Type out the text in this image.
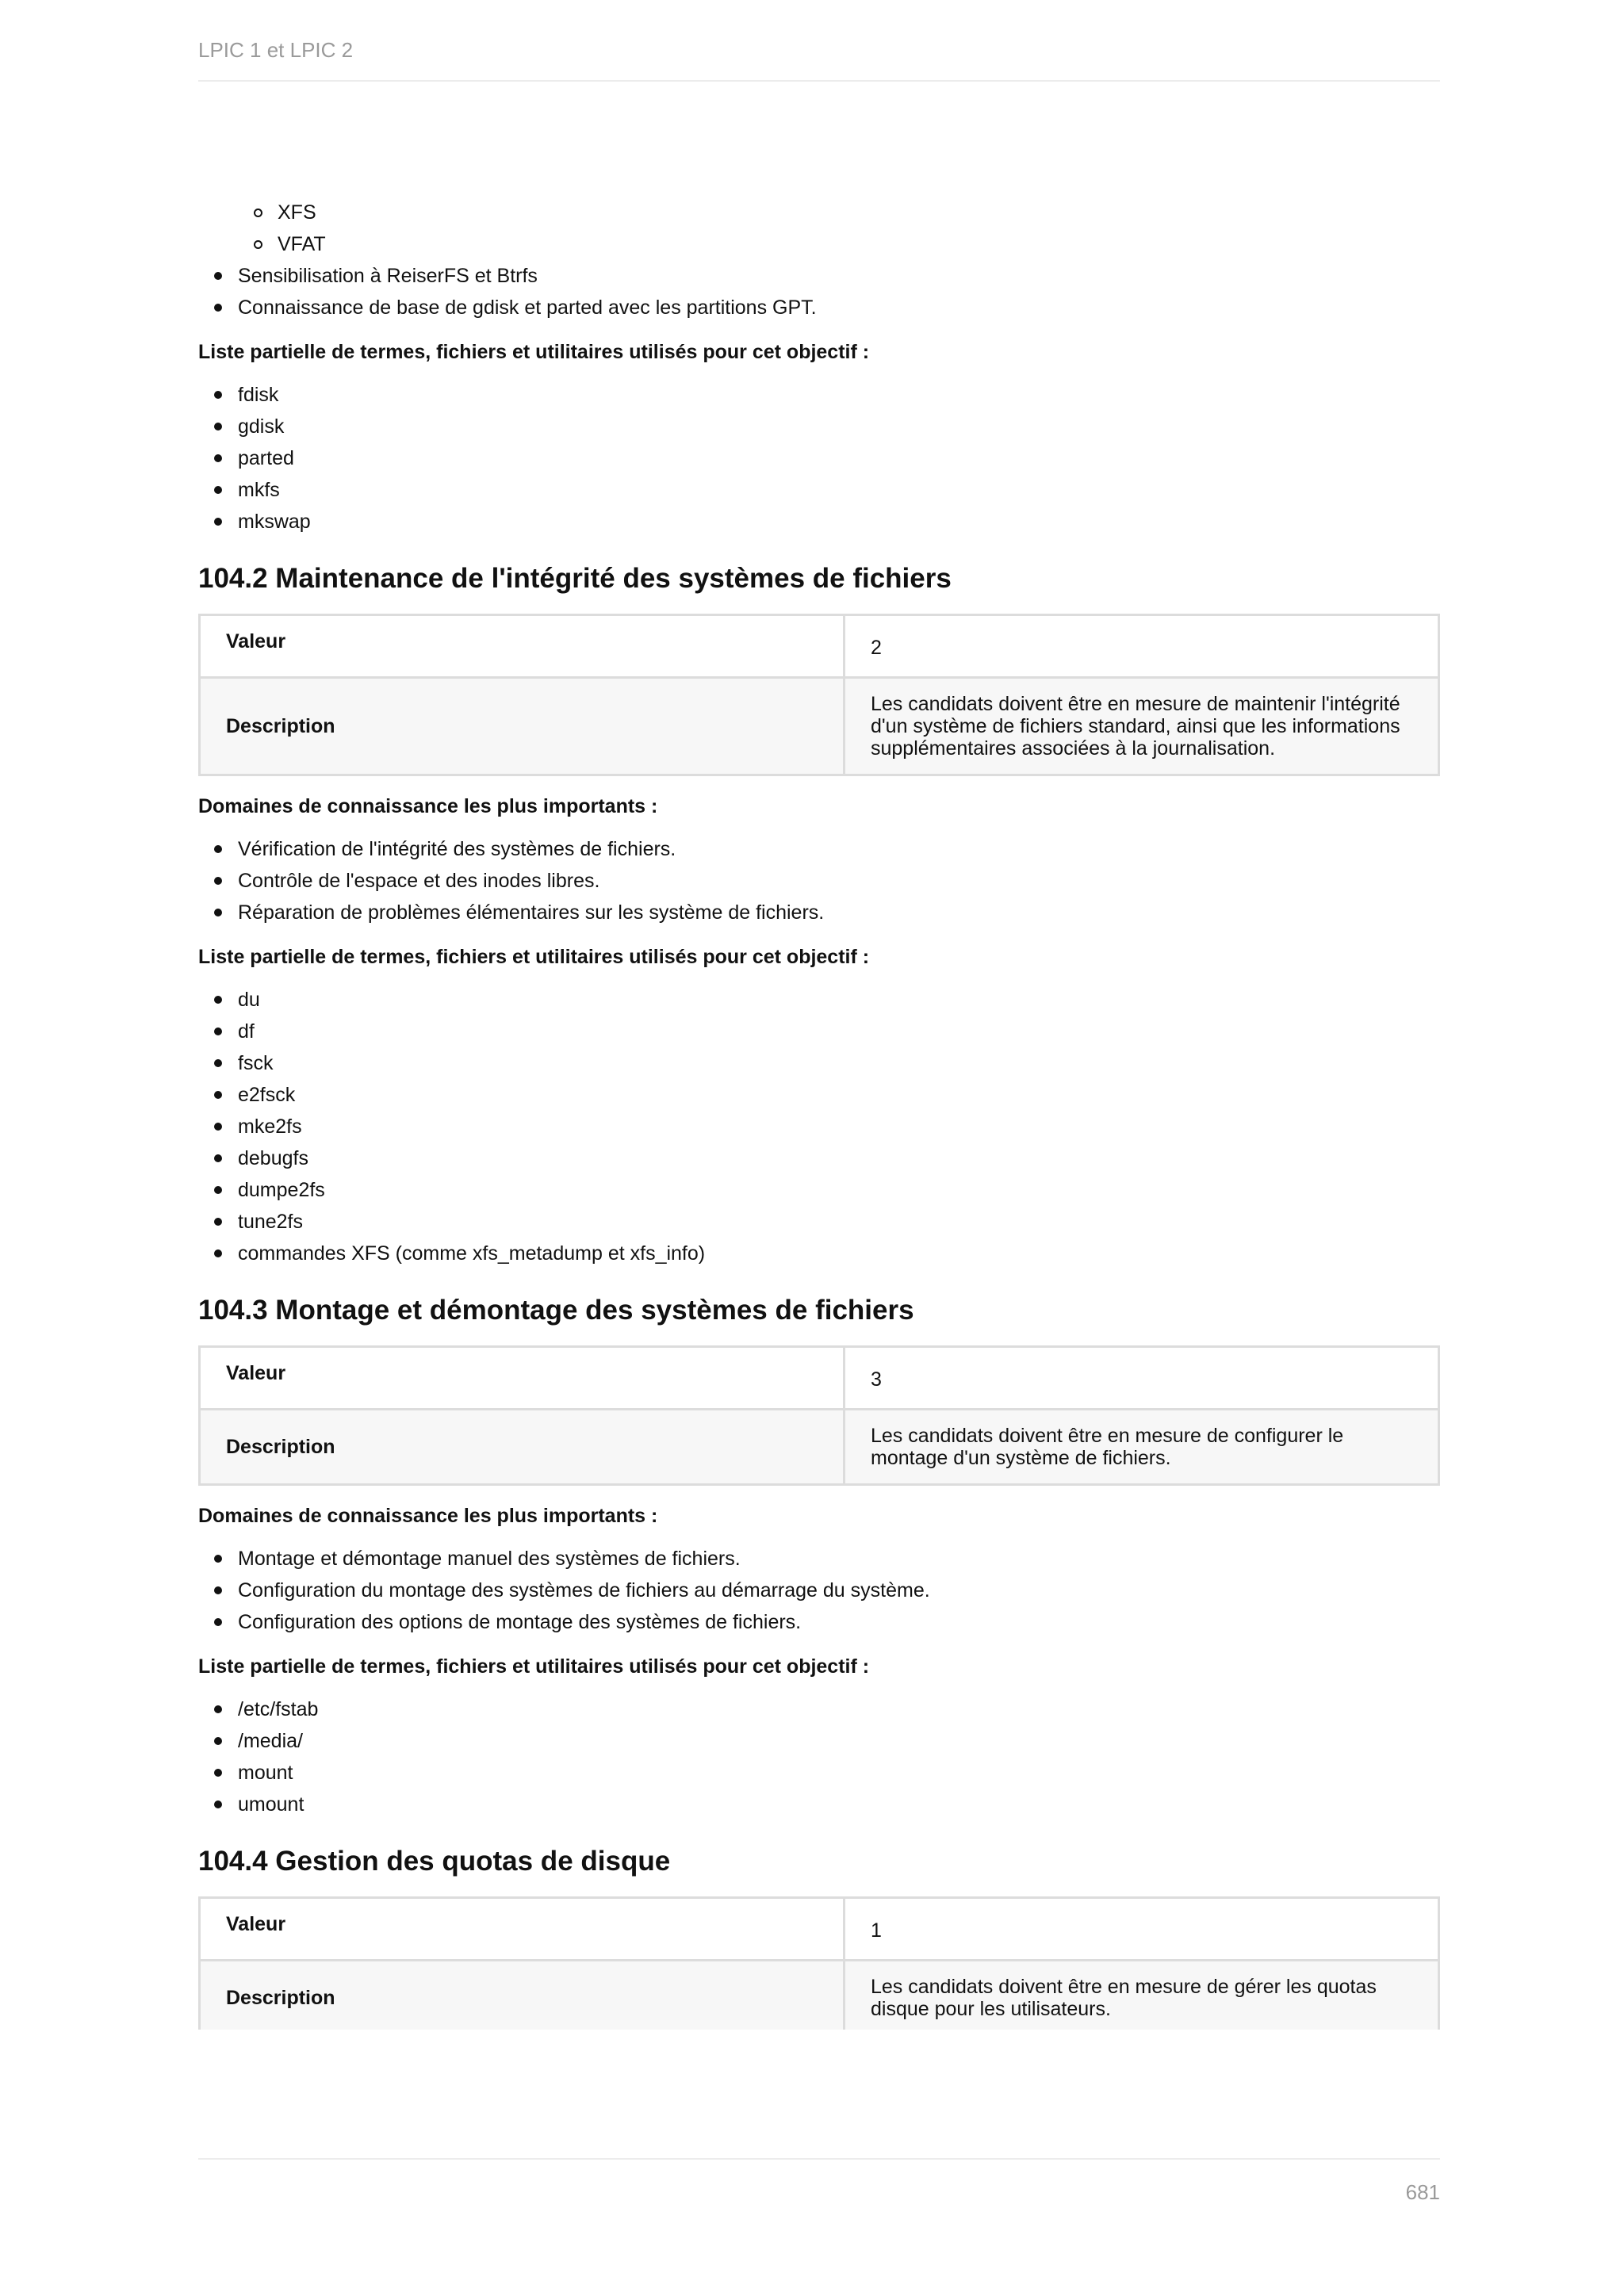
LPIC 1 et LPIC 2
XFS
VFAT
Sensibilisation à ReiserFS et Btrfs
Connaissance de base de gdisk et parted avec les partitions GPT.
Liste partielle de termes, fichiers et utilitaires utilisés pour cet objectif :
fdisk
gdisk
parted
mkfs
mkswap
104.2 Maintenance de l'intégrité des systèmes de fichiers
Valeur	2
Description	Les candidats doivent être en mesure de maintenir l'intégrité d'un système de fichiers standard, ainsi que les informations supplémentaires associées à la journalisation.
Domaines de connaissance les plus importants :
Vérification de l'intégrité des systèmes de fichiers.
Contrôle de l'espace et des inodes libres.
Réparation de problèmes élémentaires sur les système de fichiers.
Liste partielle de termes, fichiers et utilitaires utilisés pour cet objectif :
du
df
fsck
e2fsck
mke2fs
debugfs
dumpe2fs
tune2fs
commandes XFS (comme xfs_metadump et xfs_info)
104.3 Montage et démontage des systèmes de fichiers
Valeur	3
Description	Les candidats doivent être en mesure de configurer le montage d'un système de fichiers.
Domaines de connaissance les plus importants :
Montage et démontage manuel des systèmes de fichiers.
Configuration du montage des systèmes de fichiers au démarrage du système.
Configuration des options de montage des systèmes de fichiers.
Liste partielle de termes, fichiers et utilitaires utilisés pour cet objectif :
/etc/fstab
/media/
mount
umount
104.4 Gestion des quotas de disque
Valeur	1
Description	Les candidats doivent être en mesure de gérer les quotas disque pour les utilisateurs.
681
